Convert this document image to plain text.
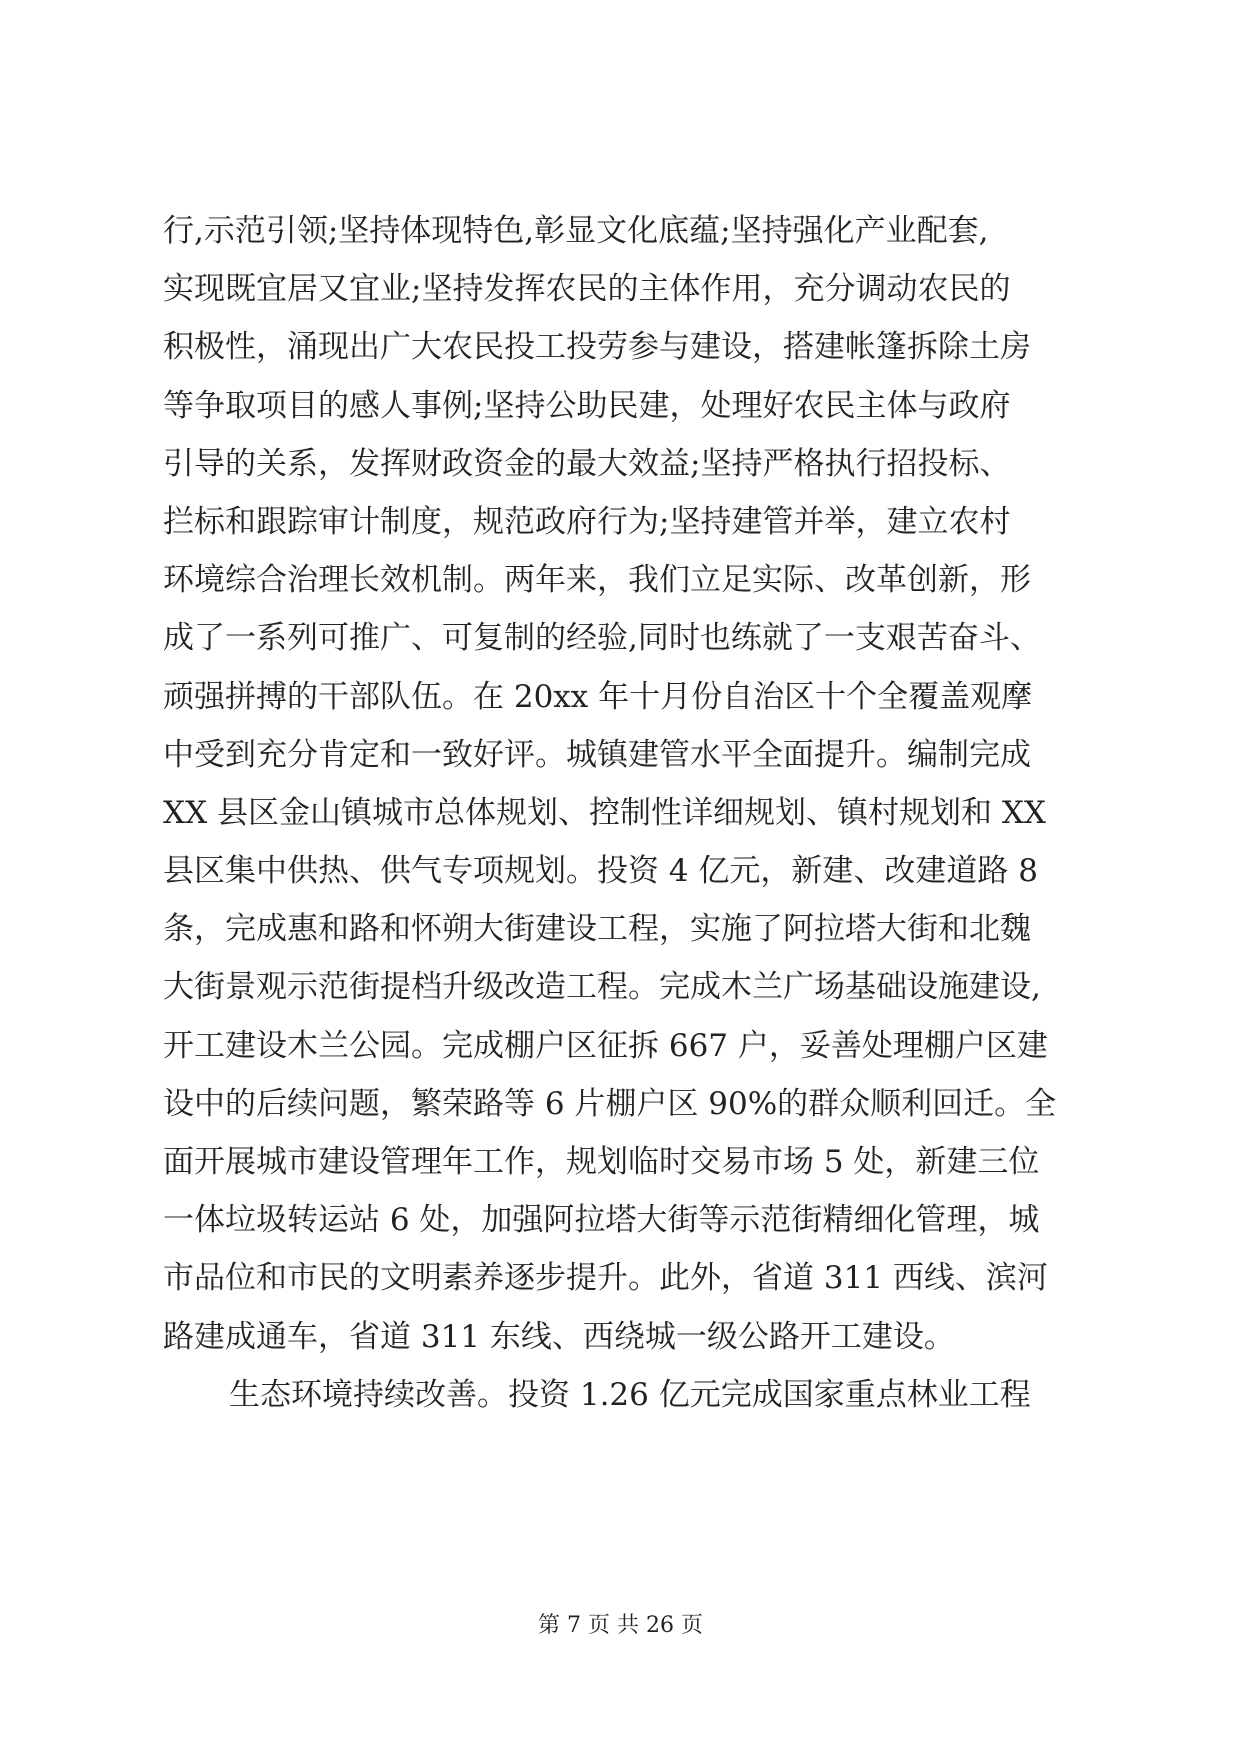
行,示范引领;坚持体现特色,彰显文化底蕴;坚持强化产业配套,
实现既宜居又宜业;坚持发挥农民的主体作用，充分调动农民的
积极性，涌现出广大农民投工投劳参与建设，搭建帐篷拆除土房
等争取项目的感人事例;坚持公助民建，处理好农民主体与政府
引导的关系，发挥财政资金的最大效益;坚持严格执行招投标、
拦标和跟踪审计制度，规范政府行为;坚持建管并举，建立农村
环境综合治理长效机制。两年来，我们立足实际、改革创新，形
成了一系列可推广、可复制的经验,同时也练就了一支艰苦奋斗、
顽强拼搏的干部队伍。在 20xx 年十月份自治区十个全覆盖观摩
中受到充分肯定和一致好评。城镇建管水平全面提升。编制完成
XX 县区金山镇城市总体规划、控制性详细规划、镇村规划和 XX
县区集中供热、供气专项规划。投资 4 亿元，新建、改建道路 8
条，完成惠和路和怀朔大街建设工程，实施了阿拉塔大街和北魏
大街景观示范街提档升级改造工程。完成木兰广场基础设施建设,
开工建设木兰公园。完成棚户区征拆 667 户，妥善处理棚户区建
设中的后续问题，繁荣路等 6 片棚户区 90%的群众顺利回迁。全
面开展城市建设管理年工作，规划临时交易市场 5 处，新建三位
一体垃圾转运站 6 处，加强阿拉塔大街等示范街精细化管理，城
市品位和市民的文明素养逐步提升。此外，省道 311 西线、滨河
路建成通车，省道 311 东线、西绕城一级公路开工建设。
生态环境持续改善。投资 1.26 亿元完成国家重点林业工程
第 7 页 共 26 页
